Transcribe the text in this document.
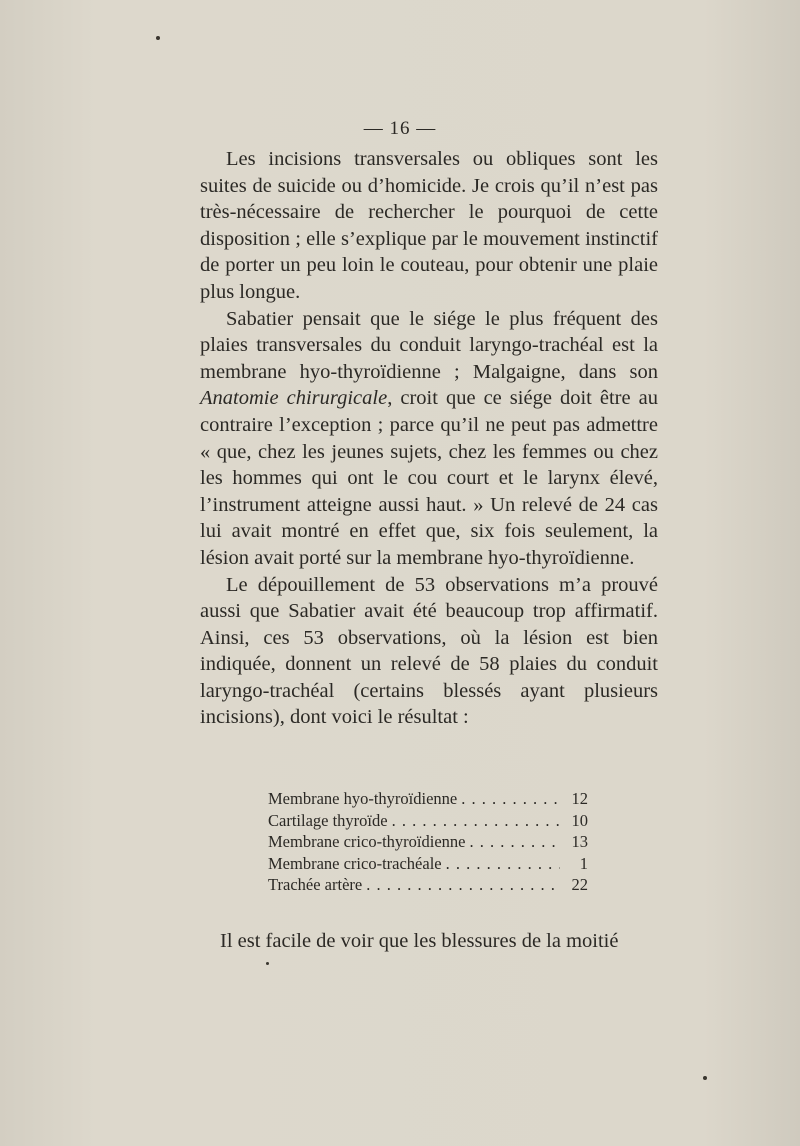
— 16 —

Les incisions transversales ou obliques sont les suites de suicide ou d’homicide. Je crois qu’il n’est pas très-nécessaire de rechercher le pourquoi de cette disposition ; elle s’explique par le mouvement instinctif de porter un peu loin le couteau, pour obtenir une plaie plus longue.

Sabatier pensait que le siége le plus fréquent des plaies transversales du conduit laryngo-trachéal est la membrane hyo-thyroïdienne ; Malgaigne, dans son Anatomie chirurgicale, croit que ce siége doit être au contraire l’exception ; parce qu’il ne peut pas admettre « que, chez les jeunes sujets, chez les femmes ou chez les hommes qui ont le cou court et le larynx élevé, l’instrument atteigne aussi haut. » Un relevé de 24 cas lui avait montré en effet que, six fois seulement, la lésion avait porté sur la membrane hyo-thyroïdienne.

Le dépouillement de 53 observations m’a prouvé aussi que Sabatier avait été beaucoup trop affirmatif. Ainsi, ces 53 observations, où la lésion est bien indiquée, donnent un relevé de 58 plaies du conduit laryngo-trachéal (certains blessés ayant plusieurs incisions), dont voici le résultat :

Membrane hyo-thyroïdienne . . .	12
Cartilage thyroïde . . .	10
Membrane crico-thyroïdienne . . .	13
Membrane crico-trachéale . . .	1
Trachée artère . . .	22
Il est facile de voir que les blessures de la moitié
